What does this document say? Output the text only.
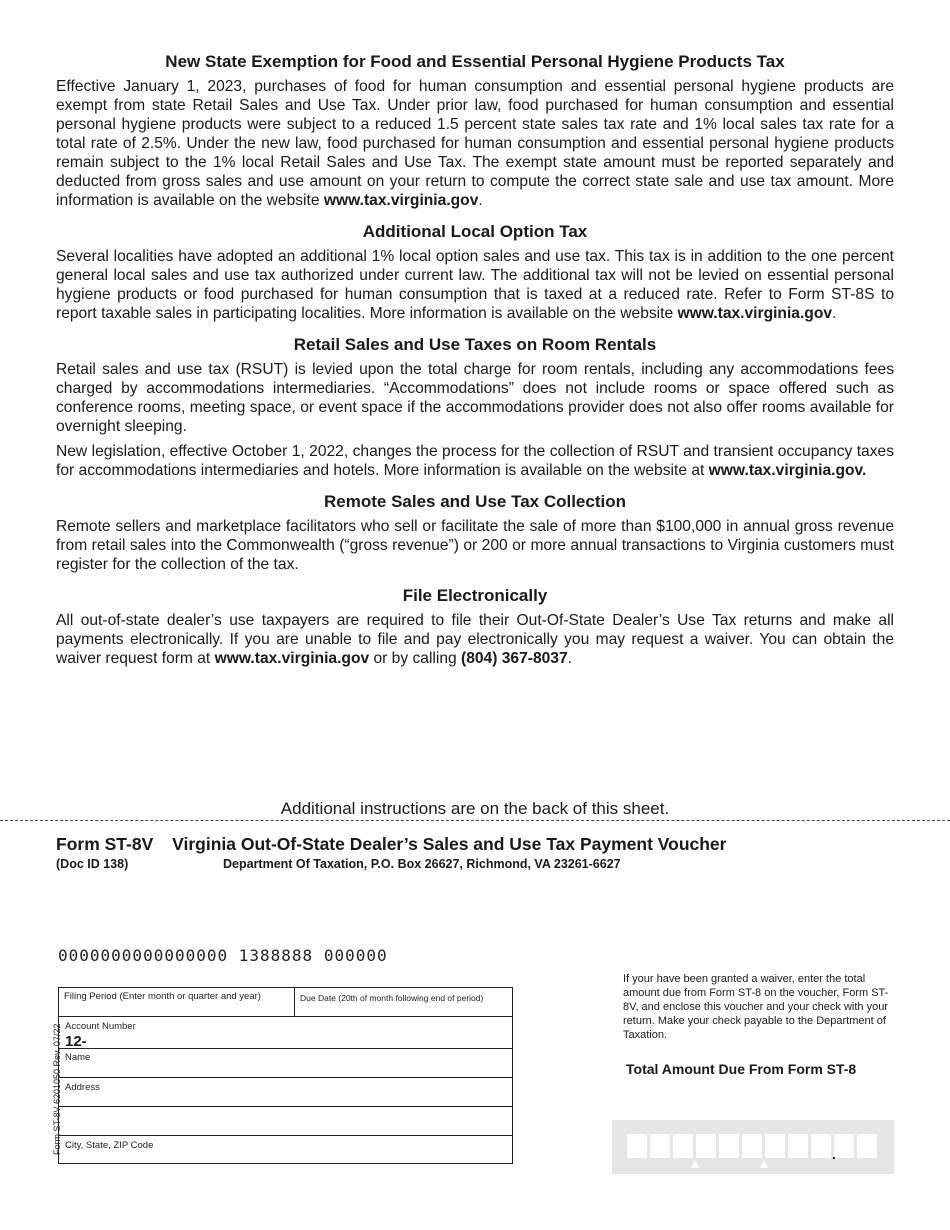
New State Exemption for Food and Essential Personal Hygiene Products Tax

Effective January 1, 2023, purchases of food for human consumption and essential personal hygiene products are exempt from state Retail Sales and Use Tax. Under prior law, food purchased for human consumption and essential personal hygiene products were subject to a reduced 1.5 percent state sales tax rate and 1% local sales tax rate for a total rate of 2.5%. Under the new law, food purchased for human consumption and essential personal hygiene products remain subject to the 1% local Retail Sales and Use Tax. The exempt state amount must be reported separately and deducted from gross sales and use amount on your return to compute the correct state sale and use tax amount. More information is available on the website www.tax.virginia.gov.

Additional Local Option Tax

Several localities have adopted an additional 1% local option sales and use tax. This tax is in addition to the one percent general local sales and use tax authorized under current law. The additional tax will not be levied on essential personal hygiene products or food purchased for human consumption that is taxed at a reduced rate. Refer to Form ST-8S to report taxable sales in participating localities. More information is available on the website www.tax.virginia.gov.

Retail Sales and Use Taxes on Room Rentals

Retail sales and use tax (RSUT) is levied upon the total charge for room rentals, including any accommodations fees charged by accommodations intermediaries. “Accommodations” does not include rooms or space offered such as conference rooms, meeting space, or event space if the accommodations provider does not also offer rooms available for overnight sleeping.

New legislation, effective October 1, 2022, changes the process for the collection of RSUT and transient occupancy taxes for accommodations intermediaries and hotels. More information is available on the website at www.tax.virginia.gov.

Remote Sales and Use Tax Collection

Remote sellers and marketplace facilitators who sell or facilitate the sale of more than $100,000 in annual gross revenue from retail sales into the Commonwealth (“gross revenue”) or 200 or more annual transactions to Virginia customers must register for the collection of the tax.

File Electronically

All out-of-state dealer’s use taxpayers are required to file their Out-Of-State Dealer’s Use Tax returns and make all payments electronically. If you are unable to file and pay electronically you may request a waiver. You can obtain the waiver request form at www.tax.virginia.gov or by calling (804) 367-8037.

Additional instructions are on the back of this sheet.
Form ST-8V Virginia Out-Of-State Dealer’s Sales and Use Tax Payment Voucher
(Doc ID 138)	Department Of Taxation, P.O. Box 26627, Richmond, VA 23261-6627
0000000000000000 1388888 000000
Filing Period (Enter month or quarter and year)	Due Date (20th of month following end of period)
Account Number
12-
Name
Address
City, State, ZIP Code
Form ST-8V 6201050 Rev. 07/22
If your have been granted a waiver, enter the total amount due from Form ST-8 on the voucher, Form ST-8V, and enclose this voucher and your check with your return. Make your check payable to the Department of Taxation.
Total Amount Due From Form ST-8
.
